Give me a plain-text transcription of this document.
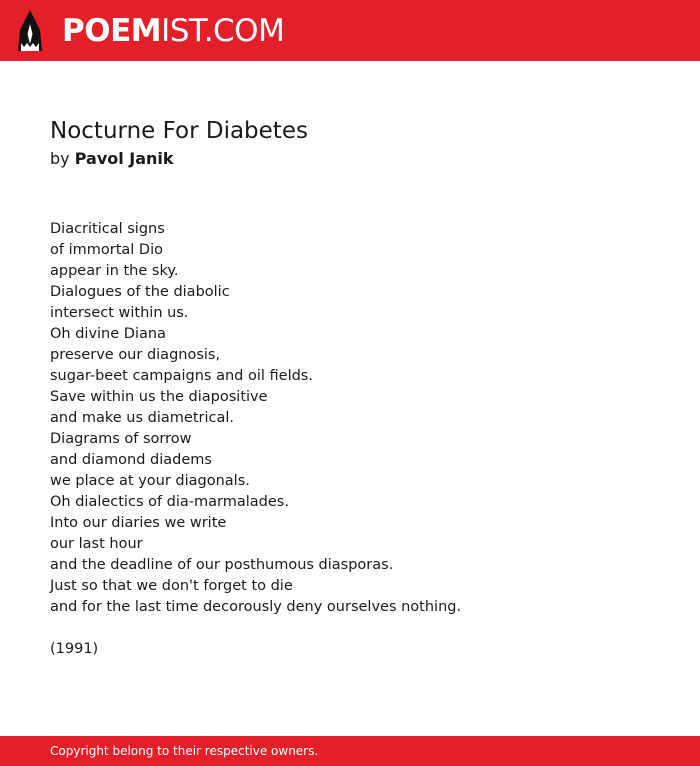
POEMIST.COM
Nocturne For Diabetes

by Pavol Janik

Diacritical signs
of immortal Dio
appear in the sky.
Dialogues of the diabolic
intersect within us.
Oh divine Diana
preserve our diagnosis,
sugar-beet campaigns and oil fields.
Save within us the diapositive
and make us diametrical.
Diagrams of sorrow
and diamond diadems
we place at your diagonals.
Oh dialectics of dia-marmalades.
Into our diaries we write
our last hour
and the deadline of our posthumous diasporas.
Just so that we don't forget to die
and for the last time decorously deny ourselves nothing.
(1991)
Copyright belong to their respective owners.
